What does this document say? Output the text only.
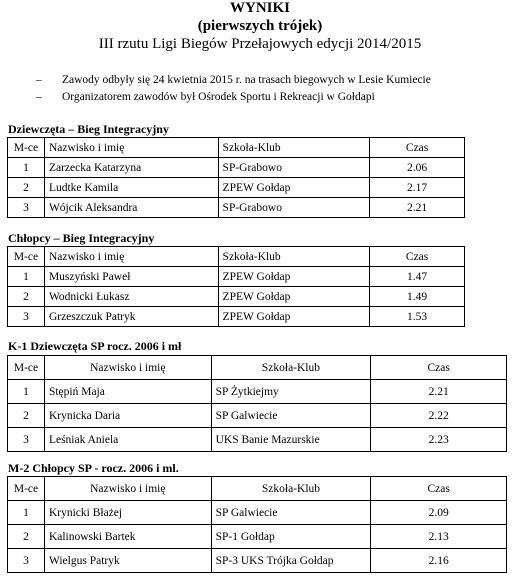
WYNIKI
(pierwszych trójek)
III rzutu Ligi Biegów Przełajowych edycji 2014/2015
–	Zawody odbyły się 24 kwietnia 2015 r. na trasach biegowych w Lesie Kumiecie
–	Organizatorem zawodów był Ośrodek Sportu i Rekreacji w Gołdapi
Dziewczęta – Bieg Integracyjny
M-ce	Nazwisko i imię	Szkoła-Klub	Czas
1	Zarzecka Katarzyna	SP-Grabowo	2.06
2	Ludtke Kamila	ZPEW Gołdap	2.17
3	Wójcik Aleksandra	SP-Grabowo	2.21
Chłopcy – Bieg Integracyjny
M-ce	Nazwisko i imię	Szkoła-Klub	Czas
1	Muszyński Paweł	ZPEW Gołdap	1.47
2	Wodnicki Łukasz	ZPEW Gołdap	1.49
3	Grzeszczuk Patryk	ZPEW Gołdap	1.53
K-1 Dziewczęta SP rocz. 2006 i mł
M-ce	Nazwisko i imię	Szkoła-Klub	Czas
1	Stępiń Maja	SP Żytkiejmy	2.21
2	Krynicka Daria	SP Galwiecie	2.22
3	Leśniak Aniela	UKS Banie Mazurskie	2.23
M-2 Chłopcy SP - rocz. 2006 i ml.
M-ce	Nazwisko i imię	Szkoła-Klub	Czas
1	Krynicki Błażej	SP Galwiecie	2.09
2	Kalinowski Bartek	SP-1 Gołdap	2.13
3	Wielgus Patryk	SP-3 UKS Trójka Gołdap	2.16
